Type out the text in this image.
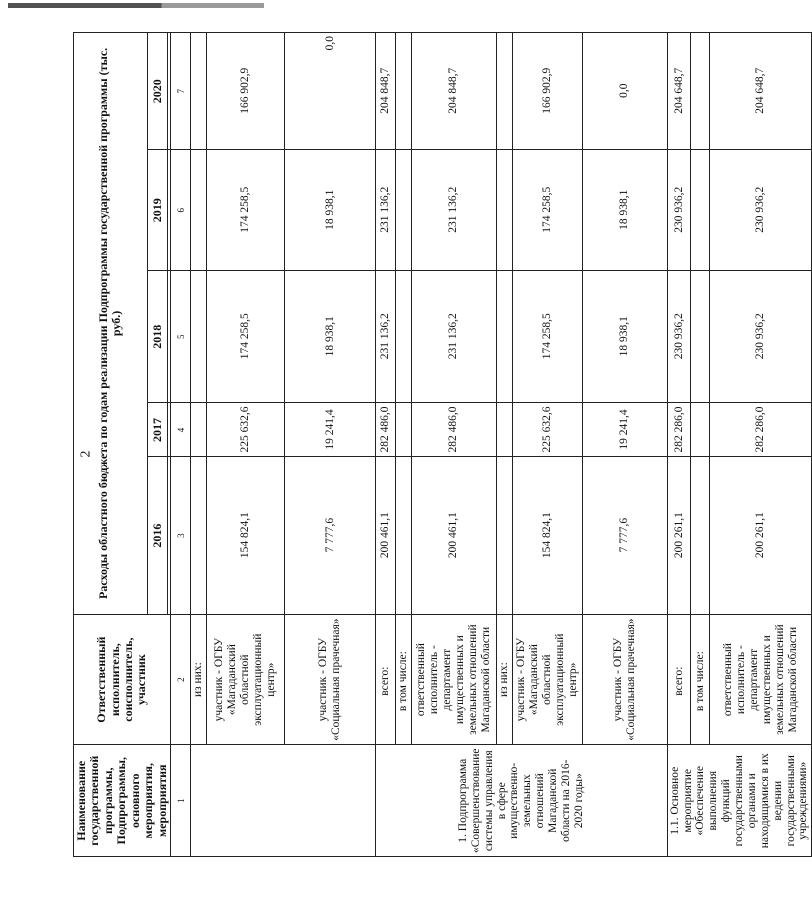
2
Наименование государственной программы, Подпрограммы, основного мероприятия, мероприятия	Ответственный исполнитель, соисполнитель, участник	Расходы областного бюджета по годам реализации Подпрограммы государственной программы (тыс. руб.)				
		2016	2017	2018	2019	2020

1	2	3	4	5	6	7
	из них:					
	участник - ОГБУ «Магаданский областной эксплуатационный центр»	154 824,1	225 632,6	174 258,5	174 258,5	166 902,9
	участник - ОГБУ «Социальная прачечная»	7 777,6	19 241,4	18 938,1	18 938,1	0,0
1. Подпрограмма «Совершенствование системы управления в сфере имущественно-земельных отношений Магаданской области на 2016-2020 годы»	всего:	200 461,1	282 486,0	231 136,2	231 136,2	204 848,7
	в том числе:					
	ответственный исполнитель - департамент имущественных и земельных отношений Магаданской области	200 461,1	282 486,0	231 136,2	231 136,2	204 848,7
	из них:					
	участник - ОГБУ «Магаданский областной эксплуатационный центр»	154 824,1	225 632,6	174 258,5	174 258,5	166 902,9
	участник - ОГБУ «Социальная прачечная»	7 777,6	19 241,4	18 938,1	18 938,1	0,0
1.1. Основное мероприятие «Обеспечение выполнения функций государственными органами и находящимися в их ведении государственными учреждениями»	всего:	200 261,1	282 286,0	230 936,2	230 936,2	204 648,7
	в том числе:					
	ответственный исполнитель - департамент имущественных и земельных отношений Магаданской области	200 261,1	282 286,0	230 936,2	230 936,2	204 648,7
